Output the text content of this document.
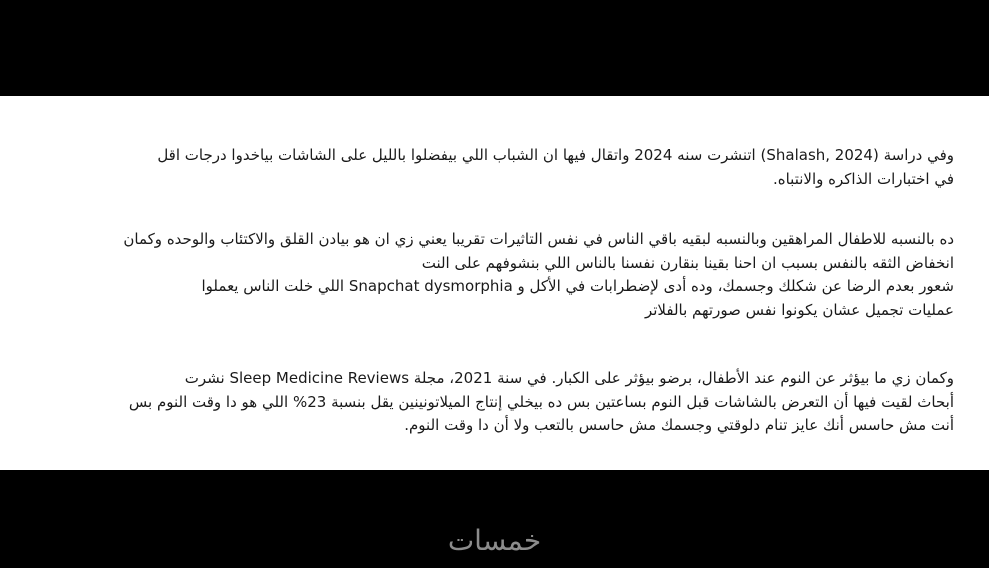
وفي دراسة (Shalash, 2024) اتنشرت سنه 2024 واتقال فيها ان الشباب اللي بيفضلوا بالليل على الشاشات بياخدوا درجات اقل
في اختبارات الذاكره والانتباه.
ده بالنسبه للاطفال المراهقين وبالنسبه لبقيه باقي الناس في نفس التاثيرات تقريبا يعني زي ان هو بيادن القلق والاكتئاب والوحده وكمان
انخفاض الثقه بالنفس بسبب ان احنا بقينا بنقارن نفسنا بالناس اللي بنشوفهم على النت
شعور بعدم الرضا عن شكلك وجسمك، وده أدى لإضطرابات في الأكل و Snapchat dysmorphia اللي خلت الناس يعملوا
عمليات تجميل عشان يكونوا نفس صورتهم بالفلاتر
وكمان زي ما بيؤثر عن النوم عند الأطفال، برضو بيؤثر على الكبار. في سنة 2021، مجلة Sleep Medicine Reviews نشرت
أبحاث لقيت فيها أن التعرض بالشاشات قبل النوم بساعتين بس ده بيخلي إنتاج الميلاتونينين يقل بنسبة 23% اللي هو دا وقت النوم بس
أنت مش حاسس أنك عايز تنام دلوقتي وجسمك مش حاسس بالتعب ولا أن دا وقت النوم.
خمسات
